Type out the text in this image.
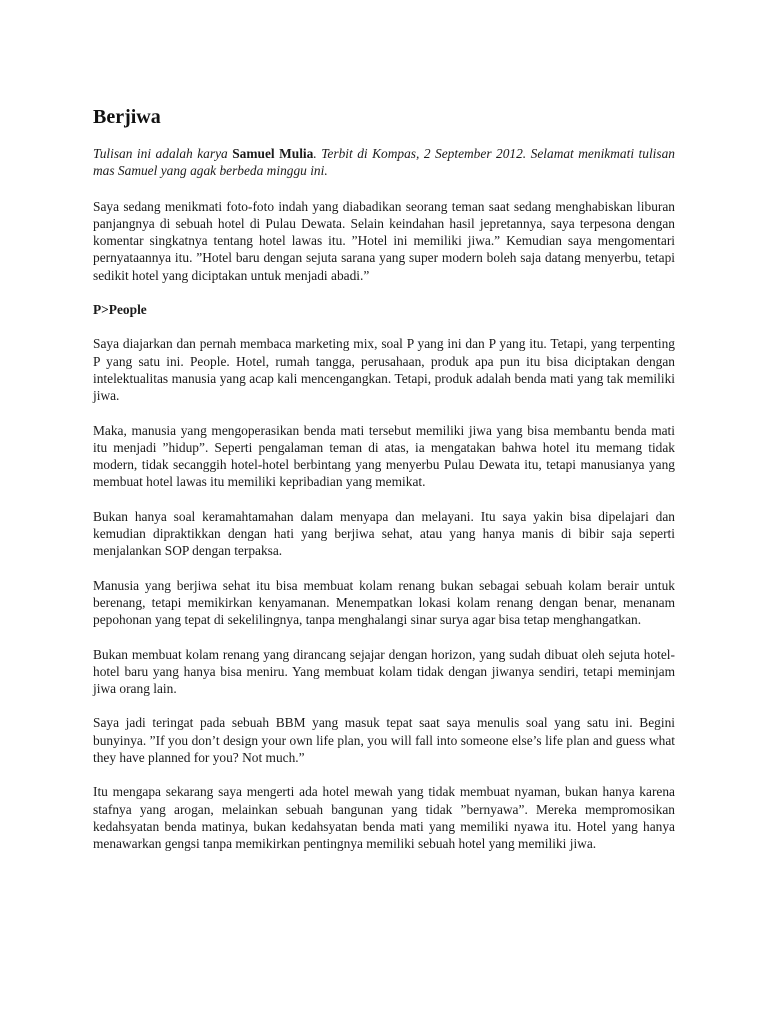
Berjiwa
Tulisan ini adalah karya Samuel Mulia. Terbit di Kompas, 2 September 2012. Selamat menikmati tulisan mas Samuel yang agak berbeda minggu ini.

Saya sedang menikmati foto-foto indah yang diabadikan seorang teman saat sedang menghabiskan liburan panjangnya di sebuah hotel di Pulau Dewata. Selain keindahan hasil jepretannya, saya terpesona dengan komentar singkatnya tentang hotel lawas itu. ”Hotel ini memiliki jiwa.” Kemudian saya mengomentari pernyataannya itu. ”Hotel baru dengan sejuta sarana yang super modern boleh saja datang menyerbu, tetapi sedikit hotel yang diciptakan untuk menjadi abadi.”

P>People

Saya diajarkan dan pernah membaca marketing mix, soal P yang ini dan P yang itu. Tetapi, yang terpenting P yang satu ini. People. Hotel, rumah tangga, perusahaan, produk apa pun itu bisa diciptakan dengan intelektualitas manusia yang acap kali mencengangkan. Tetapi, produk adalah benda mati yang tak memiliki jiwa.

Maka, manusia yang mengoperasikan benda mati tersebut memiliki jiwa yang bisa membantu benda mati itu menjadi ”hidup”. Seperti pengalaman teman di atas, ia mengatakan bahwa hotel itu memang tidak modern, tidak secanggih hotel-hotel berbintang yang menyerbu Pulau Dewata itu, tetapi manusianya yang membuat hotel lawas itu memiliki kepribadian yang memikat.

Bukan hanya soal keramahtamahan dalam menyapa dan melayani. Itu saya yakin bisa dipelajari dan kemudian dipraktikkan dengan hati yang berjiwa sehat, atau yang hanya manis di bibir saja seperti menjalankan SOP dengan terpaksa.

Manusia yang berjiwa sehat itu bisa membuat kolam renang bukan sebagai sebuah kolam berair untuk berenang, tetapi memikirkan kenyamanan. Menempatkan lokasi kolam renang dengan benar, menanam pepohonan yang tepat di sekelilingnya, tanpa menghalangi sinar surya agar bisa tetap menghangatkan.

Bukan membuat kolam renang yang dirancang sejajar dengan horizon, yang sudah dibuat oleh sejuta hotel-hotel baru yang hanya bisa meniru. Yang membuat kolam tidak dengan jiwanya sendiri, tetapi meminjam jiwa orang lain.

Saya jadi teringat pada sebuah BBM yang masuk tepat saat saya menulis soal yang satu ini. Begini bunyinya. ”If you don’t design your own life plan, you will fall into someone else’s life plan and guess what they have planned for you? Not much.”

Itu mengapa sekarang saya mengerti ada hotel mewah yang tidak membuat nyaman, bukan hanya karena stafnya yang arogan, melainkan sebuah bangunan yang tidak ”bernyawa”. Mereka mempromosikan kedahsyatan benda matinya, bukan kedahsyatan benda mati yang memiliki nyawa itu. Hotel yang hanya menawarkan gengsi tanpa memikirkan pentingnya memiliki sebuah hotel yang memiliki jiwa.
